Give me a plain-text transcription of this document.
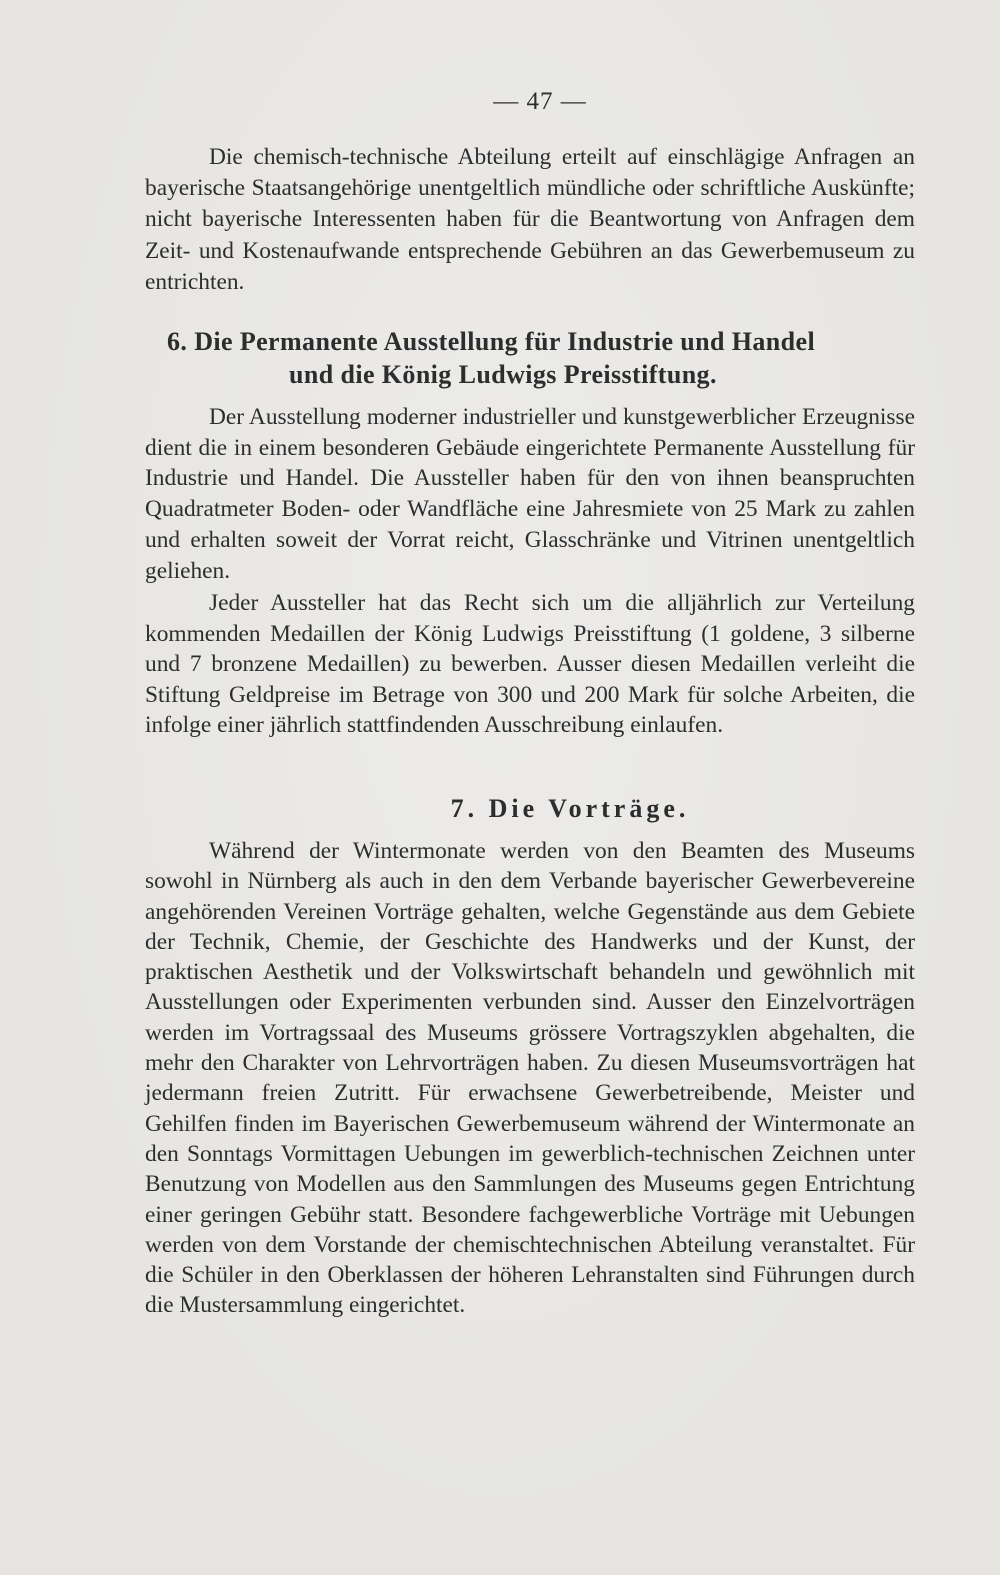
— 47 —

Die chemisch-technische Abteilung erteilt auf einschlägige Anfragen an bayerische Staatsangehörige unentgeltlich mündliche oder schriftliche Auskünfte; nicht bayerische Interessenten haben für die Beantwortung von Anfragen dem Zeit- und Kostenaufwande entsprechende Gebühren an das Gewerbemuseum zu entrichten.

6. Die Permanente Ausstellung für Industrie und Handel
und die König Ludwigs Preisstiftung.

Der Ausstellung moderner industrieller und kunstgewerblicher Erzeugnisse dient die in einem besonderen Gebäude eingerichtete Permanente Ausstellung für Industrie und Handel. Die Aussteller haben für den von ihnen beanspruchten Quadratmeter Boden- oder Wandfläche eine Jahresmiete von 25 Mark zu zahlen und erhalten soweit der Vorrat reicht, Glasschränke und Vitrinen unentgeltlich geliehen.

Jeder Aussteller hat das Recht sich um die alljährlich zur Verteilung kommenden Medaillen der König Ludwigs Preisstiftung (1 goldene, 3 silberne und 7 bronzene Medaillen) zu bewerben. Ausser diesen Medaillen verleiht die Stiftung Geldpreise im Betrage von 300 und 200 Mark für solche Arbeiten, die infolge einer jährlich stattfindenden Ausschreibung einlaufen.

7. Die Vorträge.

Während der Wintermonate werden von den Beamten des Museums sowohl in Nürnberg als auch in den dem Verbande bayerischer Gewerbevereine angehörenden Vereinen Vorträge gehalten, welche Gegenstände aus dem Gebiete der Technik, Chemie, der Geschichte des Handwerks und der Kunst, der praktischen Aesthetik und der Volkswirtschaft behandeln und gewöhnlich mit Ausstellungen oder Experimenten verbunden sind. Ausser den Einzelvorträgen werden im Vortragssaal des Museums grössere Vortragszyklen abgehalten, die mehr den Charakter von Lehrvorträgen haben. Zu diesen Museumsvorträgen hat jedermann freien Zutritt. Für erwachsene Gewerbetreibende, Meister und Gehilfen finden im Bayerischen Gewerbemuseum während der Wintermonate an den Sonntags Vormittagen Uebungen im gewerblich-technischen Zeichnen unter Benutzung von Modellen aus den Sammlungen des Museums gegen Entrichtung einer geringen Gebühr statt. Besondere fachgewerbliche Vorträge mit Uebungen werden von dem Vorstande der chemischtechnischen Abteilung veranstaltet. Für die Schüler in den Oberklassen der höheren Lehranstalten sind Führungen durch die Mustersammlung eingerichtet.
